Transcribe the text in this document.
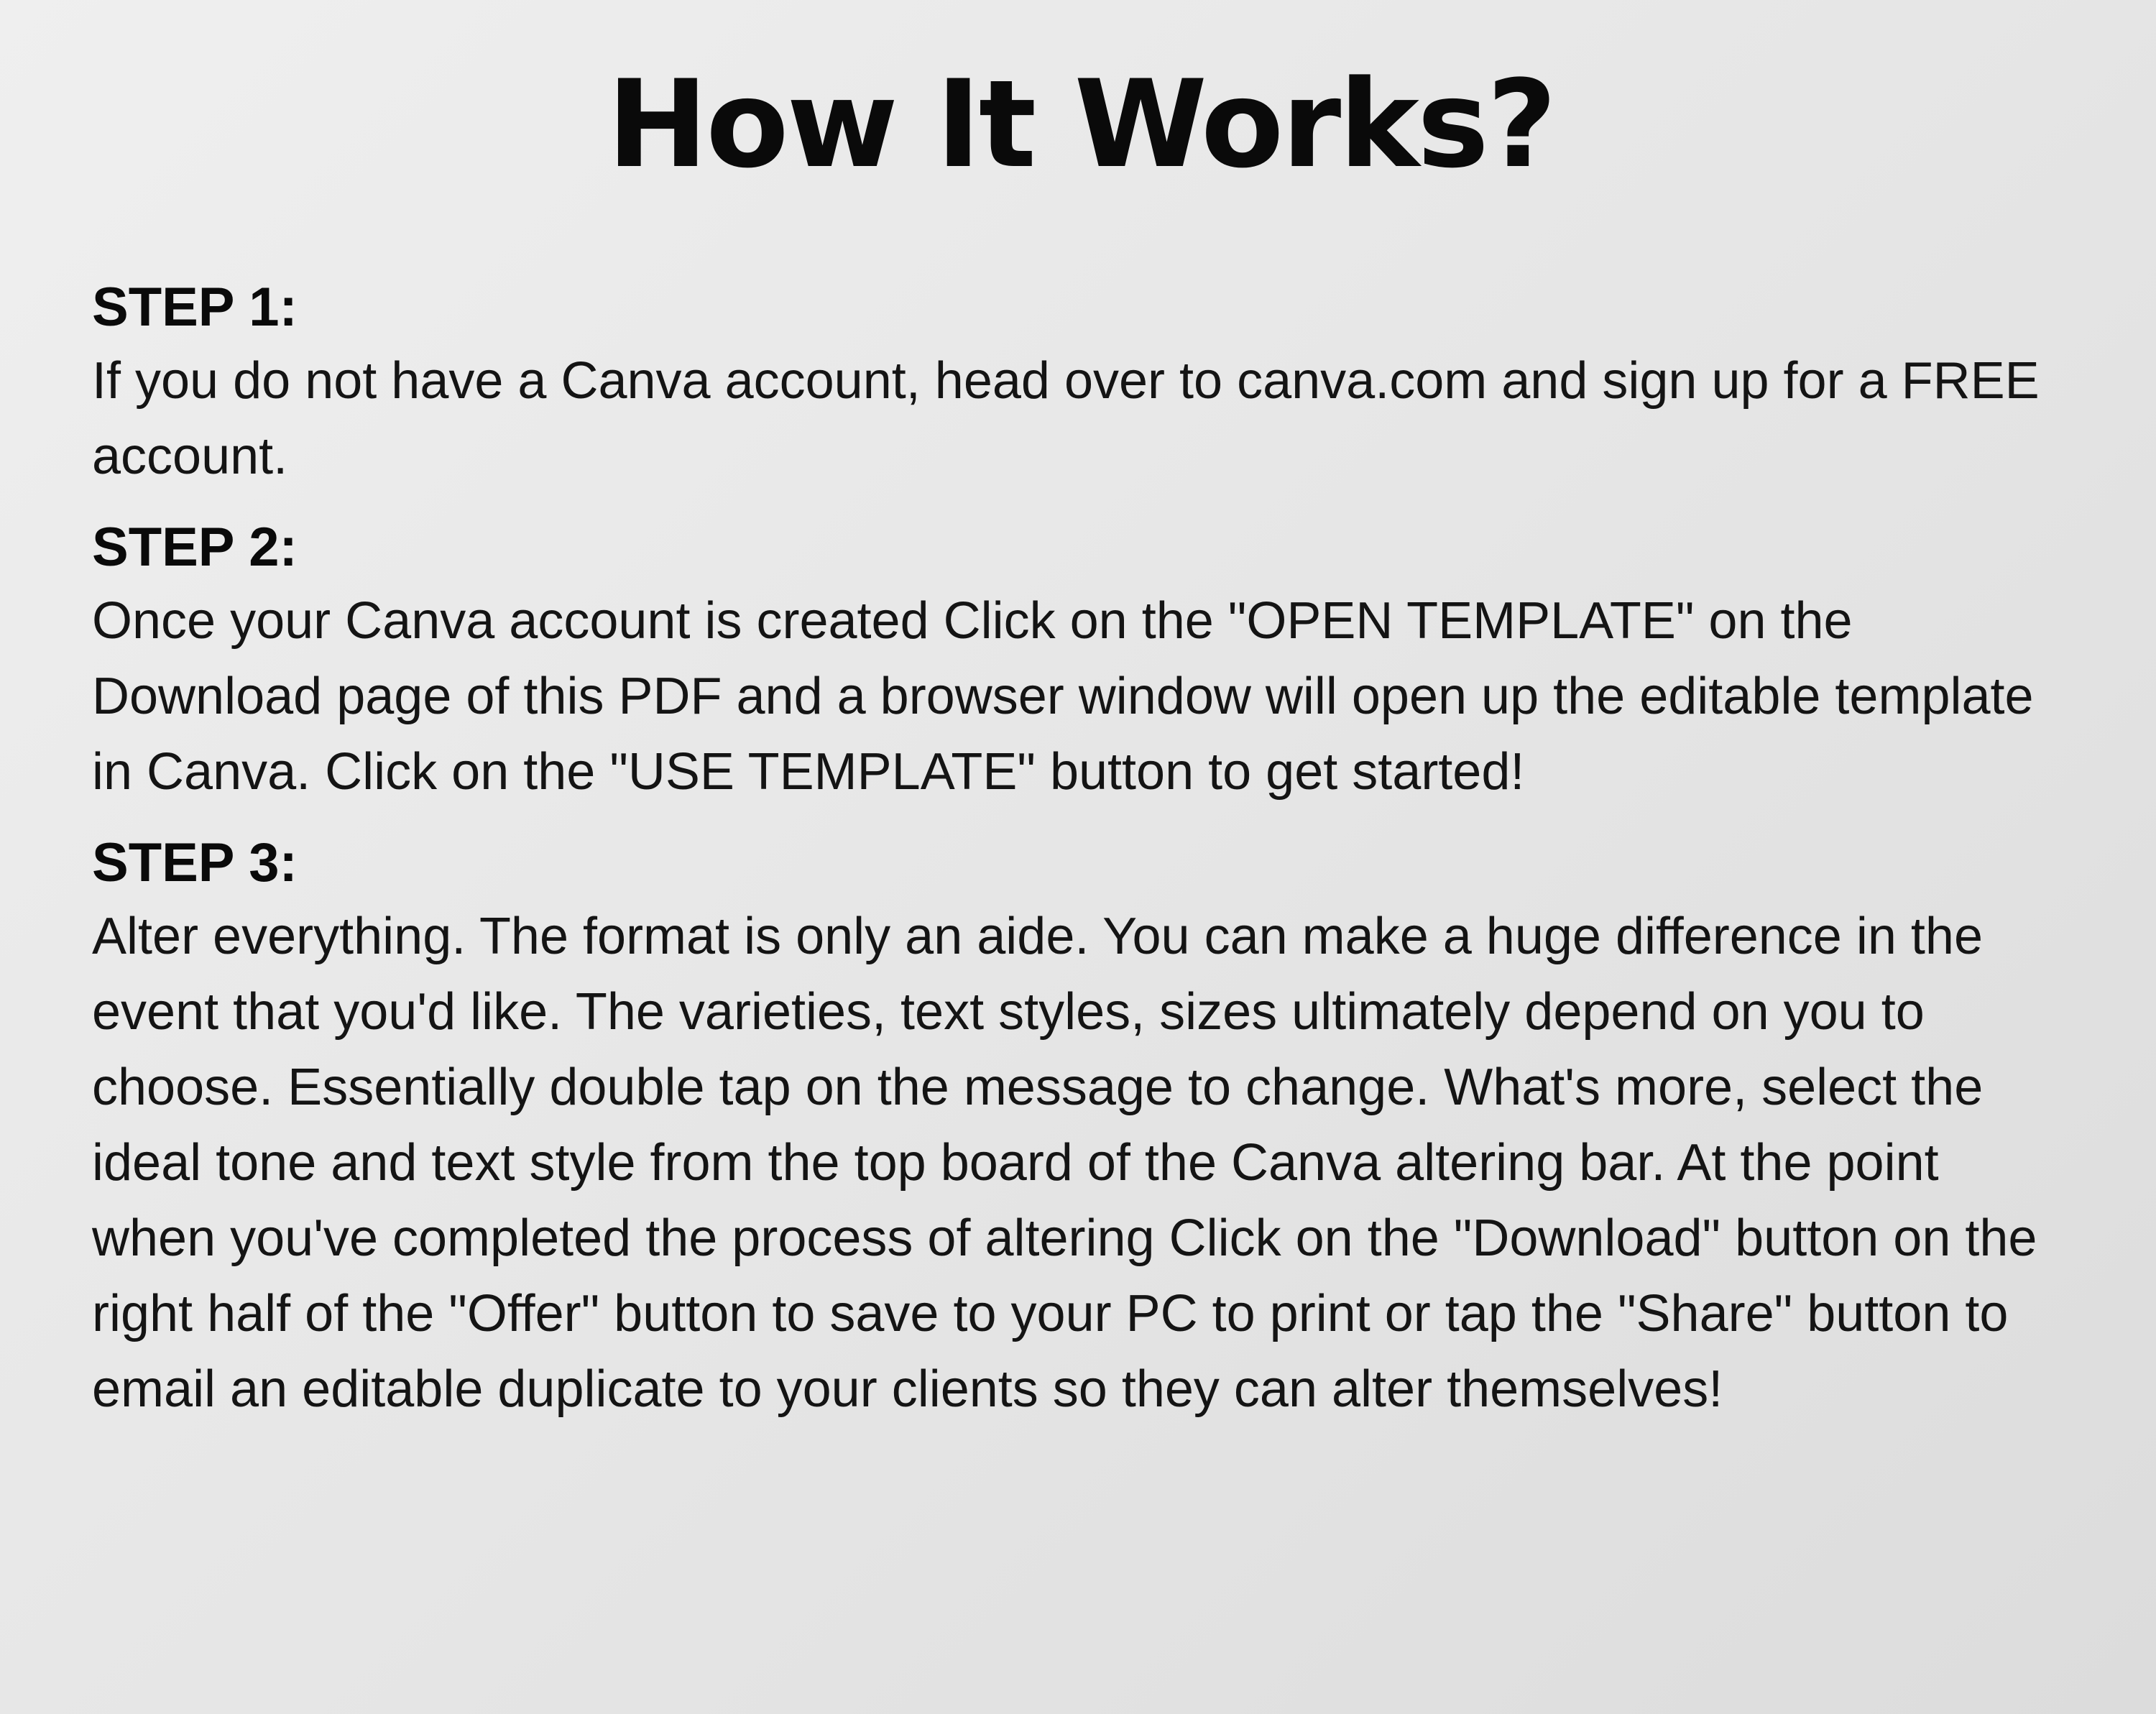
How It Works?

STEP 1:

If you do not have a Canva account, head over to canva.com and sign up for a FREE account.

STEP 2:

Once your Canva account is created Click on the "OPEN TEMPLATE" on the Download page of this PDF and a browser window will open up the editable template in Canva. Click on the "USE TEMPLATE" button to get started!

STEP 3:

Alter everything. The format is only an aide. You can make a huge difference in the event that you'd like. The varieties, text styles, sizes ultimately depend on you to choose. Essentially double tap on the message to change. What's more, select the ideal tone and text style from the top board of the Canva altering bar. At the point when you've completed the process of altering Click on the "Download" button on the right half of the "Offer" button to save to your PC to print or tap the "Share" button to email an editable duplicate to your clients so they can alter themselves!
